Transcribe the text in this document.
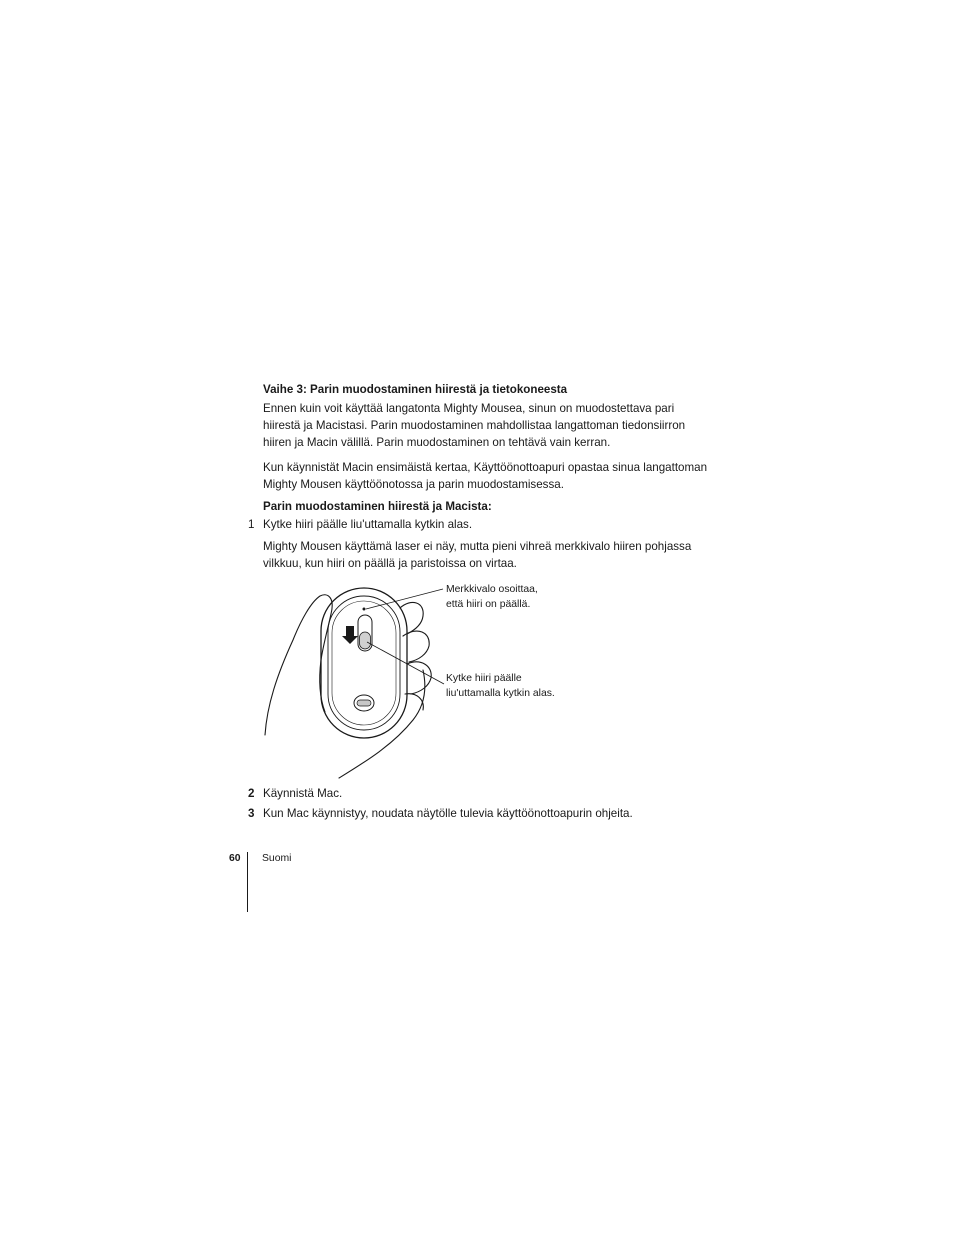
Vaihe 3: Parin muodostaminen hiirestä ja tietokoneesta
Ennen kuin voit käyttää langatonta Mighty Mousea, sinun on muodostettava pari hiirestä ja Macistasi. Parin muodostaminen mahdollistaa langattoman tiedonsiirron hiiren ja Macin välillä. Parin muodostaminen on tehtävä vain kerran.
Kun käynnistät Macin ensimäistä kertaa, Käyttöönottoapuri opastaa sinua langattoman Mighty Mousen käyttöönotossa ja parin muodostamisessa.
Parin muodostaminen hiirestä ja Macista:
1 Kytke hiiri päälle liu'uttamalla kytkin alas.
Mighty Mousen käyttämä laser ei näy, mutta pieni vihreä merkkivalo hiiren pohjassa vilkkuu, kun hiiri on päällä ja paristoissa on virtaa.
Merkkivalo osoittaa, että hiiri on päällä.
Kytke hiiri päälle liu'uttamalla kytkin alas.
2 Käynnistä Mac.
3 Kun Mac käynnistyy, noudata näytölle tulevia käyttöönottoapurin ohjeita.
60 Suomi
